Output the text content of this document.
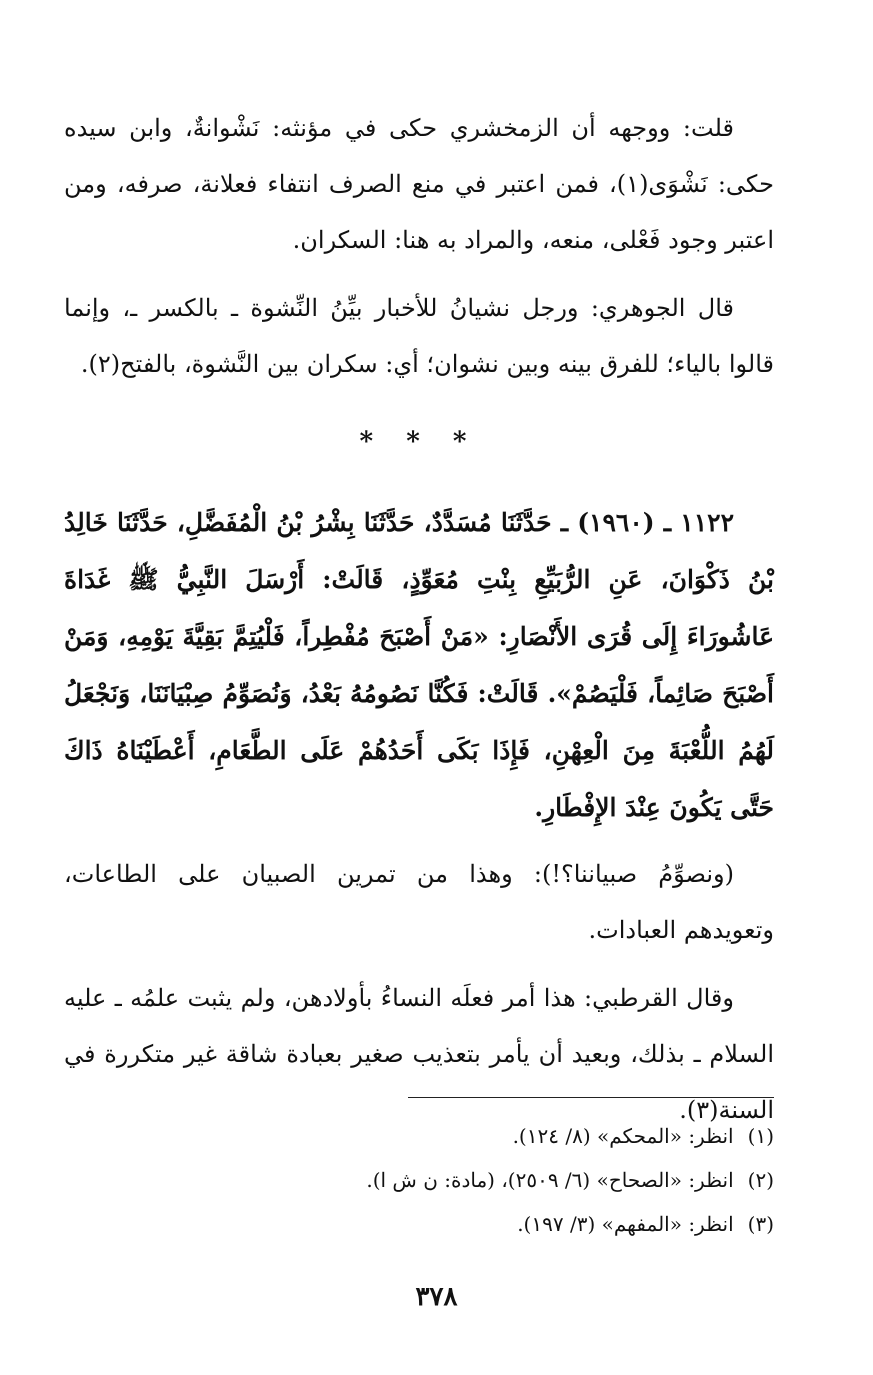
قلت: ووجهه أن الزمخشري حكى في مؤنثه: نَشْوانةٌ، وابن سيده حكى: نَشْوَى(١)، فمن اعتبر في منع الصرف انتفاء فعلانة، صرفه، ومن اعتبر وجود فَعْلى، منعه، والمراد به هنا: السكران.

قال الجوهري: ورجل نشيانُ للأخبار بيِّنُ النِّشوة ـ بالكسر ـ، وإنما قالوا بالياء؛ للفرق بينه وبين نشوان؛ أي: سكران بين النَّشوة، بالفتح(٢).

* * *

١١٢٢ ـ (١٩٦٠) ـ حَدَّثَنَا مُسَدَّدٌ، حَدَّثَنَا بِشْرُ بْنُ الْمُفَضَّلِ، حَدَّثَنَا خَالِدُ بْنُ ذَكْوَانَ، عَنِ الرُّبَيِّعِ بِنْتِ مُعَوِّذٍ، قَالَتْ: أَرْسَلَ النَّبِيُّ ﷺ غَدَاةَ عَاشُورَاءَ إِلَى قُرَى الأَنْصَارِ: «مَنْ أَصْبَحَ مُفْطِراً، فَلْيُتِمَّ بَقِيَّةَ يَوْمِهِ، وَمَنْ أَصْبَحَ صَائِماً، فَلْيَصُمْ». قَالَتْ: فَكُنَّا نَصُومُهُ بَعْدُ، وَنُصَوِّمُ صِبْيَانَنَا، وَنَجْعَلُ لَهُمُ اللُّعْبَةَ مِنَ الْعِهْنِ، فَإِذَا بَكَى أَحَدُهُمْ عَلَى الطَّعَامِ، أَعْطَيْنَاهُ ذَاكَ حَتَّى يَكُونَ عِنْدَ الإِفْطَارِ.

(ونصوِّمُ صبياننا؟!): وهذا من تمرين الصبيان على الطاعات، وتعويدهم العبادات.

وقال القرطبي: هذا أمر فعلَه النساءُ بأولادهن، ولم يثبت علمُه ـ عليه السلام ـ بذلك، وبعيد أن يأمر بتعذيب صغير بعبادة شاقة غير متكررة في السنة(٣).

(١)انظر: «المحكم» (٨/ ١٢٤).

(٢)انظر: «الصحاح» (٦/ ٢٥٠٩)، (مادة: ن ش ا).

(٣)انظر: «المفهم» (٣/ ١٩٧).

٣٧٨
